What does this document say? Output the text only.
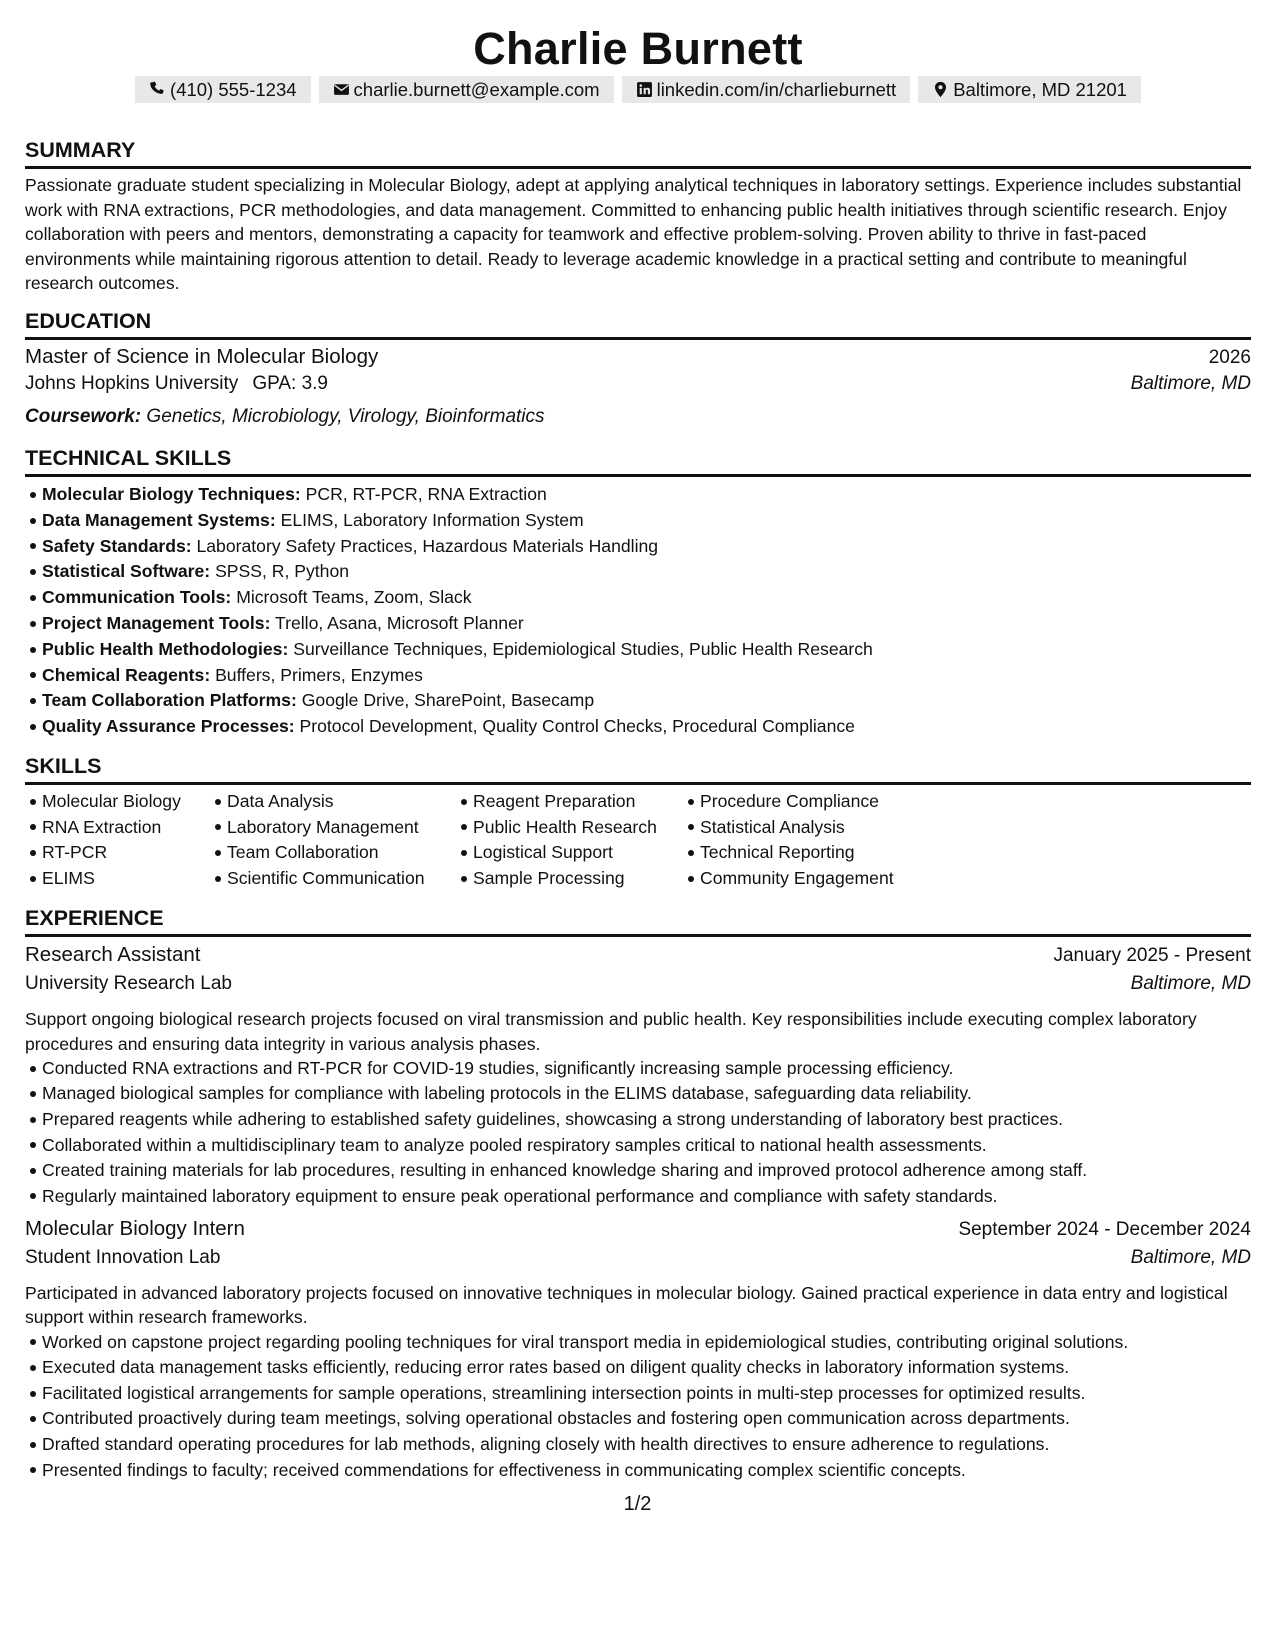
Charlie Burnett
(410) 555-1234	charlie.burnett@example.com	linkedin.com/in/charlieburnett	Baltimore, MD 21201
SUMMARY

Passionate graduate student specializing in Molecular Biology, adept at applying analytical techniques in laboratory settings. Experience includes substantial work with RNA extractions, PCR methodologies, and data management. Committed to enhancing public health initiatives through scientific research. Enjoy collaboration with peers and mentors, demonstrating a capacity for teamwork and effective problem-solving. Proven ability to thrive in fast-paced environments while maintaining rigorous attention to detail. Ready to leverage academic knowledge in a practical setting and contribute to meaningful research outcomes.

EDUCATION
Master of Science in Molecular Biology	2026
Johns Hopkins University GPA: 3.9	Baltimore, MD
Coursework: Genetics, Microbiology, Virology, Bioinformatics
TECHNICAL SKILLS
Molecular Biology Techniques: PCR, RT-PCR, RNA Extraction
Data Management Systems: ELIMS, Laboratory Information System
Safety Standards: Laboratory Safety Practices, Hazardous Materials Handling
Statistical Software: SPSS, R, Python
Communication Tools: Microsoft Teams, Zoom, Slack
Project Management Tools: Trello, Asana, Microsoft Planner
Public Health Methodologies: Surveillance Techniques, Epidemiological Studies, Public Health Research
Chemical Reagents: Buffers, Primers, Enzymes
Team Collaboration Platforms: Google Drive, SharePoint, Basecamp
Quality Assurance Processes: Protocol Development, Quality Control Checks, Procedural Compliance
SKILLS
Molecular Biology
RNA Extraction
RT-PCR
ELIMS
Data Analysis
Laboratory Management
Team Collaboration
Scientific Communication
Reagent Preparation
Public Health Research
Logistical Support
Sample Processing
Procedure Compliance
Statistical Analysis
Technical Reporting
Community Engagement
EXPERIENCE
Research Assistant	January 2025 - Present
University Research Lab	Baltimore, MD

Support ongoing biological research projects focused on viral transmission and public health. Key responsibilities include executing complex laboratory procedures and ensuring data integrity in various analysis phases.

Conducted RNA extractions and RT-PCR for COVID-19 studies, significantly increasing sample processing efficiency.
Managed biological samples for compliance with labeling protocols in the ELIMS database, safeguarding data reliability.
Prepared reagents while adhering to established safety guidelines, showcasing a strong understanding of laboratory best practices.
Collaborated within a multidisciplinary team to analyze pooled respiratory samples critical to national health assessments.
Created training materials for lab procedures, resulting in enhanced knowledge sharing and improved protocol adherence among staff.
Regularly maintained laboratory equipment to ensure peak operational performance and compliance with safety standards.
Molecular Biology Intern	September 2024 - December 2024
Student Innovation Lab	Baltimore, MD

Participated in advanced laboratory projects focused on innovative techniques in molecular biology. Gained practical experience in data entry and logistical support within research frameworks.

Worked on capstone project regarding pooling techniques for viral transport media in epidemiological studies, contributing original solutions.
Executed data management tasks efficiently, reducing error rates based on diligent quality checks in laboratory information systems.
Facilitated logistical arrangements for sample operations, streamlining intersection points in multi-step processes for optimized results.
Contributed proactively during team meetings, solving operational obstacles and fostering open communication across departments.
Drafted standard operating procedures for lab methods, aligning closely with health directives to ensure adherence to regulations.
Presented findings to faculty; received commendations for effectiveness in communicating complex scientific concepts.
1/2
